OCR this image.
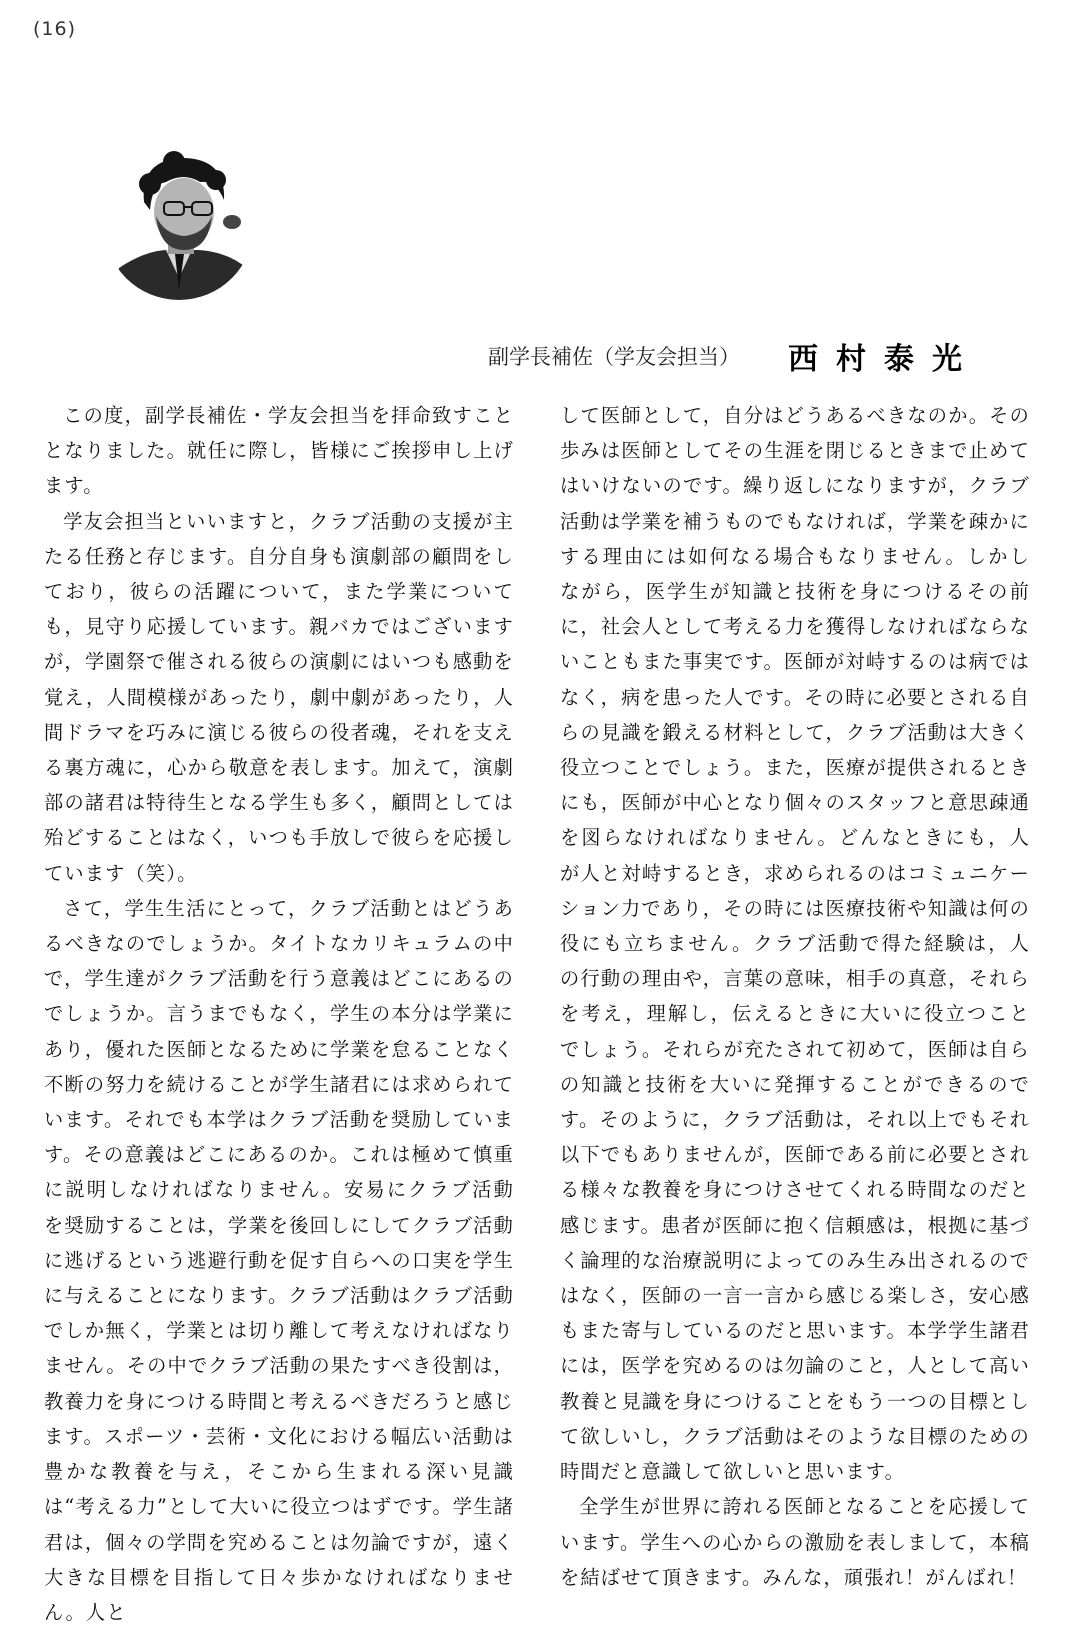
(16)
副学長補佐（学友会担当） 西村泰光

この度，副学長補佐・学友会担当を拝命致すこととなりました。就任に際し，皆様にご挨拶申し上げます。

学友会担当といいますと，クラブ活動の支援が主たる任務と存じます。自分自身も演劇部の顧問をしており，彼らの活躍について，また学業についても，見守り応援しています。親バカではございますが，学園祭で催される彼らの演劇にはいつも感動を覚え，人間模様があったり，劇中劇があったり，人間ドラマを巧みに演じる彼らの役者魂，それを支える裏方魂に，心から敬意を表します。加えて，演劇部の諸君は特待生となる学生も多く，顧問としては殆どすることはなく，いつも手放しで彼らを応援しています（笑）。

さて，学生生活にとって，クラブ活動とはどうあるべきなのでしょうか。タイトなカリキュラムの中で，学生達がクラブ活動を行う意義はどこにあるのでしょうか。言うまでもなく，学生の本分は学業にあり，優れた医師となるために学業を怠ることなく不断の努力を続けることが学生諸君には求められています。それでも本学はクラブ活動を奨励しています。その意義はどこにあるのか。これは極めて慎重に説明しなければなりません。安易にクラブ活動を奨励することは，学業を後回しにしてクラブ活動に逃げるという逃避行動を促す自らへの口実を学生に与えることになります。クラブ活動はクラブ活動でしか無く，学業とは切り離して考えなければなりません。その中でクラブ活動の果たすべき役割は，教養力を身につける時間と考えるべきだろうと感じます。スポーツ・芸術・文化における幅広い活動は豊かな教養を与え，そこから生まれる深い見識は“考える力”として大いに役立つはずです。学生諸君は，個々の学問を究めることは勿論ですが，遠く大きな目標を目指して日々歩かなければなりません。人と

して医師として，自分はどうあるべきなのか。その歩みは医師としてその生涯を閉じるときまで止めてはいけないのです。繰り返しになりますが，クラブ活動は学業を補うものでもなければ，学業を疎かにする理由には如何なる場合もなりません。しかしながら，医学生が知識と技術を身につけるその前に，社会人として考える力を獲得しなければならないこともまた事実です。医師が対峙するのは病ではなく，病を患った人です。その時に必要とされる自らの見識を鍛える材料として，クラブ活動は大きく役立つことでしょう。また，医療が提供されるときにも，医師が中心となり個々のスタッフと意思疎通を図らなければなりません。どんなときにも，人が人と対峙するとき，求められるのはコミュニケーション力であり，その時には医療技術や知識は何の役にも立ちません。クラブ活動で得た経験は，人の行動の理由や，言葉の意味，相手の真意，それらを考え，理解し，伝えるときに大いに役立つことでしょう。それらが充たされて初めて，医師は自らの知識と技術を大いに発揮することができるのです。そのように，クラブ活動は，それ以上でもそれ以下でもありませんが，医師である前に必要とされる様々な教養を身につけさせてくれる時間なのだと感じます。患者が医師に抱く信頼感は，根拠に基づく論理的な治療説明によってのみ生み出されるのではなく，医師の一言一言から感じる楽しさ，安心感もまた寄与しているのだと思います。本学学生諸君には，医学を究めるのは勿論のこと，人として高い教養と見識を身につけることをもう一つの目標として欲しいし，クラブ活動はそのような目標のための時間だと意識して欲しいと思います。

全学生が世界に誇れる医師となることを応援しています。学生への心からの激励を表しまして，本稿を結ばせて頂きます。みんな，頑張れ！がんばれ！
